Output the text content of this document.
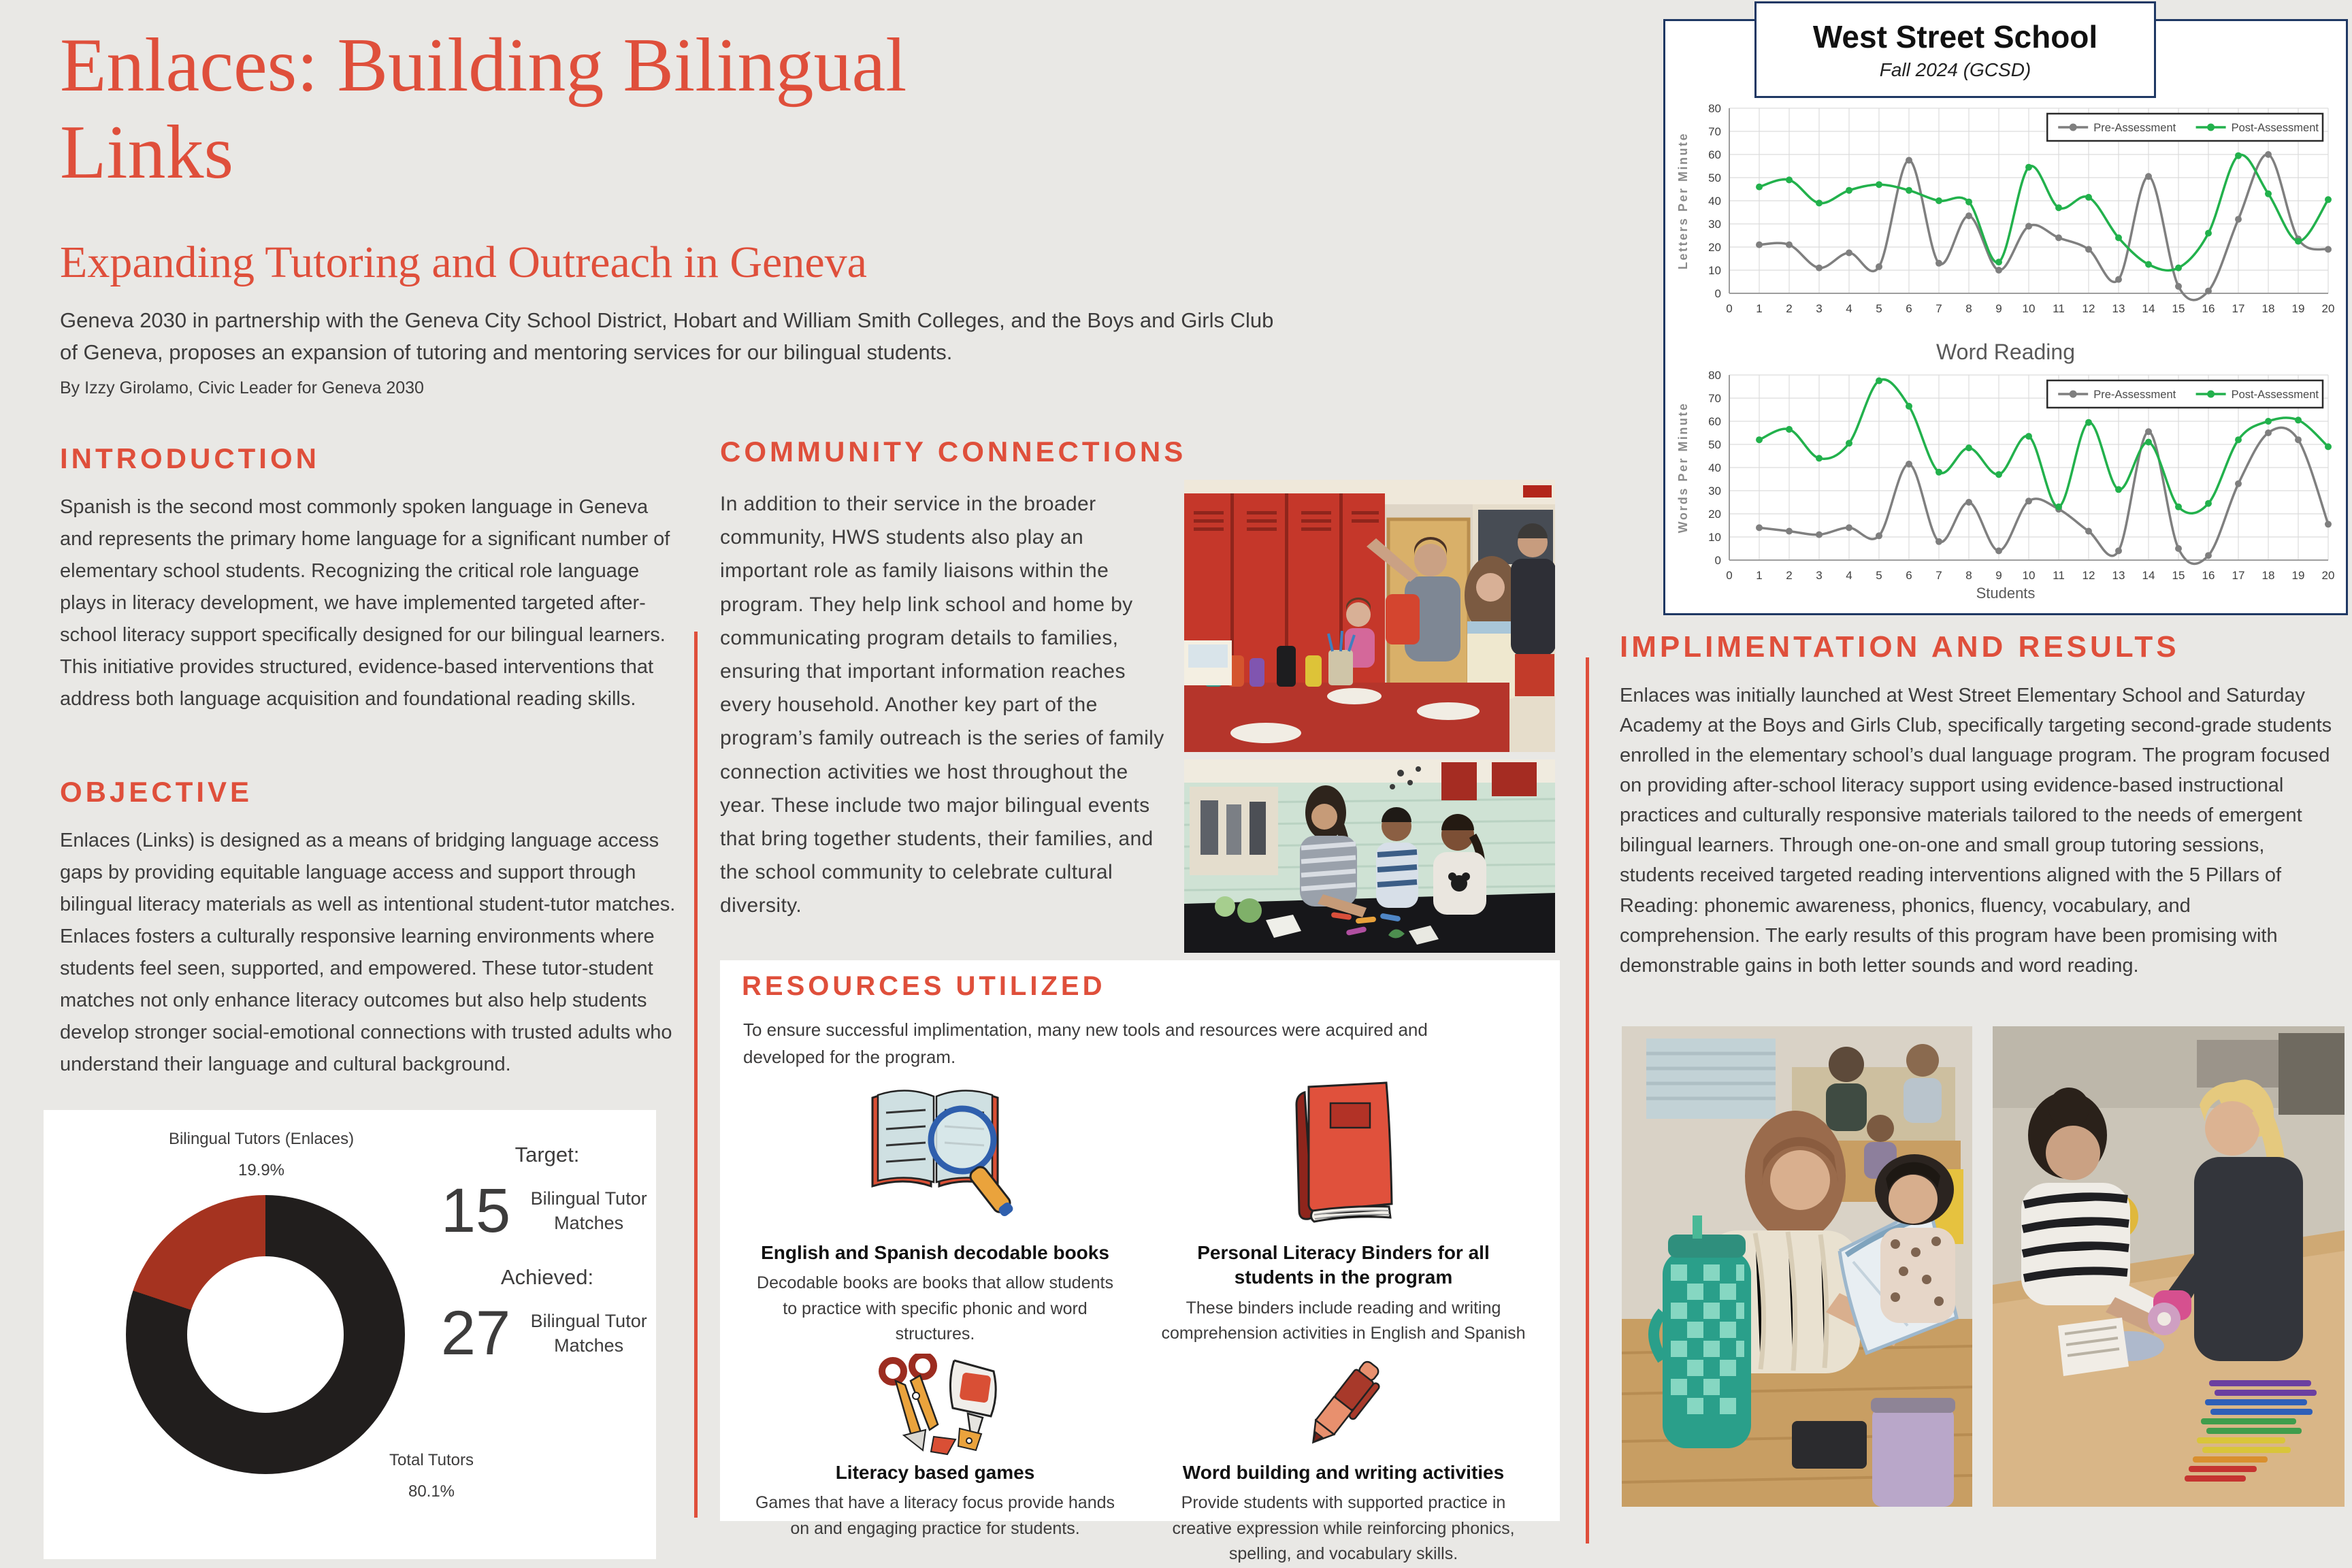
Enlaces: Building Bilingual
Links
Expanding Tutoring and Outreach in Geneva
Geneva 2030 in partnership with the Geneva City School District, Hobart and William Smith Colleges, and the Boys and Girls Club of Geneva, proposes an expansion of tutoring and mentoring services for our bilingual students.
By Izzy Girolamo, Civic Leader for Geneva 2030
INTRODUCTION
Spanish is the second most commonly spoken language in Geneva and represents the primary home language for a significant number of elementary school students. Recognizing the critical role language plays in literacy development, we have implemented targeted after-school literacy support specifically designed for our bilingual learners. This initiative provides structured, evidence-based interventions that address both language acquisition and foundational reading skills.
OBJECTIVE
Enlaces (Links) is designed as a means of bridging language access gaps by providing equitable language access and support through bilingual literacy materials as well as intentional student-tutor matches. Enlaces fosters a culturally responsive learning environments where students feel seen, supported, and empowered. These tutor-student matches not only enhance literacy outcomes but also help students develop stronger social-emotional connections with trusted adults who understand their language and cultural background.
Bilingual Tutors (Enlaces)
19.9%
Total Tutors
80.1%
Target:
15	Bilingual Tutor Matches
Achieved:
27	Bilingual Tutor Matches
COMMUNITY CONNECTIONS
In addition to their service in the broader community, HWS students also play an important role as family liaisons within the program. They help link school and home by communicating program details to families, ensuring that important information reaches every household. Another key part of the program’s family outreach is the series of family connection activities we host throughout the year. These include two major bilingual events that bring together students, their families, and the school community to celebrate cultural diversity.
RESOURCES UTILIZED
To ensure successful implimentation, many new tools and resources were acquired and developed for the program.
English and Spanish decodable books
Decodable books are books that allow students to practice with specific phonic and word structures.
Personal Literacy Binders for all students in the program
These binders include reading and writing comprehension activities in English and Spanish
Literacy based games
Games that have a literacy focus provide hands on and engaging practice for students.
Word building and writing activities
Provide students with supported practice in creative expression while reinforcing phonics, spelling, and vocabulary skills.
0
10
20
30
40
50
60
70
80
0 1 2 3 4 5 6 7 8 9 10 11 12 13 14 15 16 17 18 19 20
Letters Per Minute
Pre-Assessment	Post-Assessment
Word Reading
0
10
20
30
40
50
60
70
80
0 1 2 3 4 5 6 7 8 9 10 11 12 13 14 15 16 17 18 19 20
Words Per Minute
Pre-Assessment	Post-Assessment
Students
West Street School
Fall 2024 (GCSD)
IMPLIMENTATION AND RESULTS
Enlaces was initially launched at West Street Elementary School and Saturday Academy at the Boys and Girls Club, specifically targeting second-grade students enrolled in the elementary school’s dual language program. The program focused on providing after-school literacy support using evidence-based instructional practices and culturally responsive materials tailored to the needs of emergent bilingual learners. Through one-on-one and small group tutoring sessions, students received targeted reading interventions aligned with the 5 Pillars of Reading: phonemic awareness, phonics, fluency, vocabulary, and comprehension. The early results of this program have been promising with demonstrable gains in both letter sounds and word reading.
